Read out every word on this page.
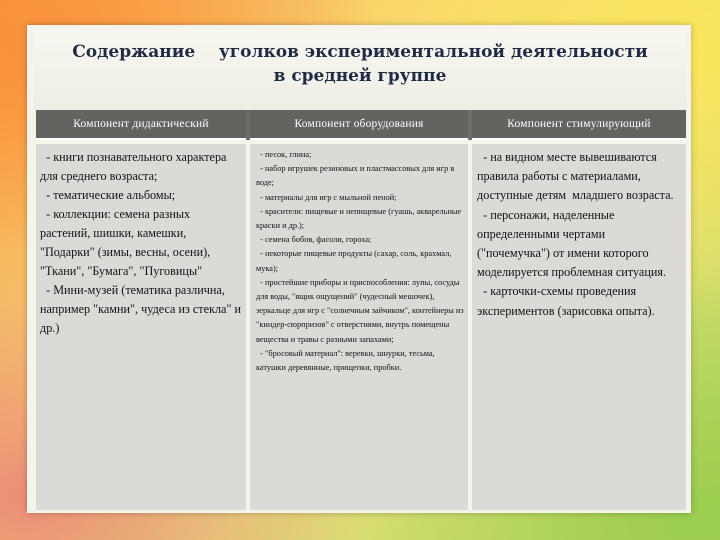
Содержание    уголков экспериментальной деятельности
в средней группе
Компонент дидактический	Компонент оборудования	Компонент стимулирующий
- книги познавательного характера для среднего возраста;
- тематические альбомы;
- коллекции: семена разных растений, шишки, камешки, "Подарки" (зимы, весны, осени), "Ткани", "Бумага", "Пуговицы"
- Мини-музей (тематика различна, например "камни", чудеса из стекла" и др.)
- песок, глина;
- набор игрушек резиновых и пластмассовых для игр в воде;
- материалы для игр с мыльной пеной;
- красители: пищевые и непищевые (гуашь, акварельные краски и др.);
- семена бобов, фасоли, гороха;
- некоторые пищевые продукты (сахар, соль, крахмал, мука);
- простейшие приборы и приспособления: лупы, сосуды для воды, "ящик ощущений" (чудесный мешочек), зеркальце для игр с "солнечным зайчиком", контейнеры из "киндер-сюрпризов" с отверстиями, внутрь помещены вещества и травы с разными запахами;
- "бросовый материал": веревки, шнурки, тесьма, катушки деревянные, прищепки, пробки.
- на видном месте вывешиваются правила работы с материалами, доступные детям  младшего возраста.
- персонажи, наделенные определенными чертами ("почемучка") от имени которого моделируется проблемная ситуация.
- карточки-схемы проведения экспериментов (зарисовка опыта).
